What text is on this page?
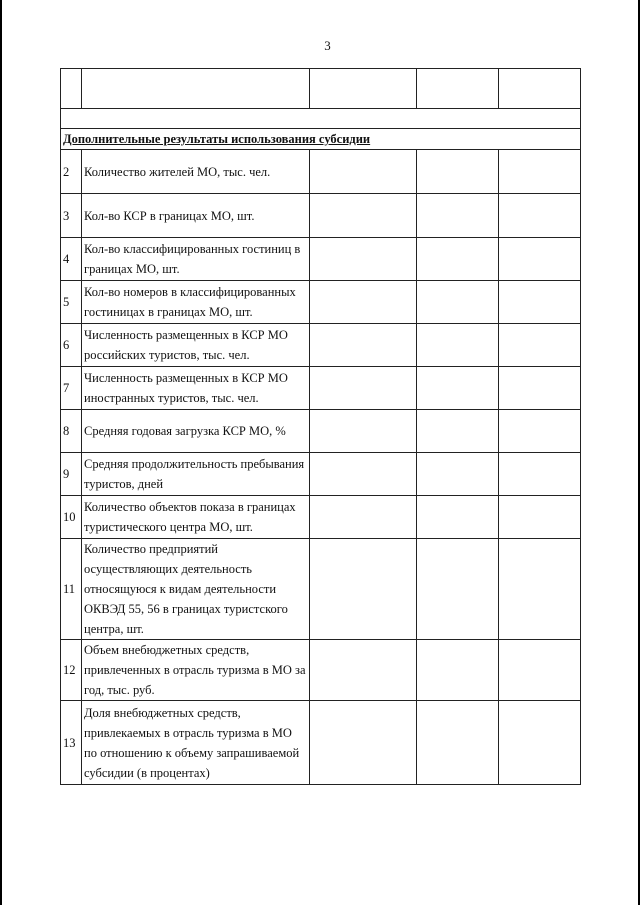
3

Дополнительные результаты использования субсидии				
2	Количество жителей МО, тыс. чел.			
3	Кол-во КСР в границах МО, шт.			
4	Кол-во классифицированных гостиниц в границах МО, шт.			
5	Кол-во номеров в классифицированных гостиницах в границах МО, шт.			
6	Численность размещенных в КСР МО российских туристов, тыс. чел.			
7	Численность размещенных в КСР МО иностранных туристов, тыс. чел.			
8	Средняя годовая загрузка КСР МО, %			
9	Средняя продолжительность пребывания туристов, дней			
10	Количество объектов показа в границах туристического центра МО, шт.			
11	Количество предприятий осуществляющих деятельность относящуюся к видам деятельности ОКВЭД 55, 56 в границах туристского центра, шт.			
12	Объем внебюджетных средств, привлеченных в отрасль туризма в МО за год, тыс. руб.			
13	Доля внебюджетных средств, привлекаемых в отрасль туризма в МО по отношению к объему запрашиваемой субсидии (в процентах)			
